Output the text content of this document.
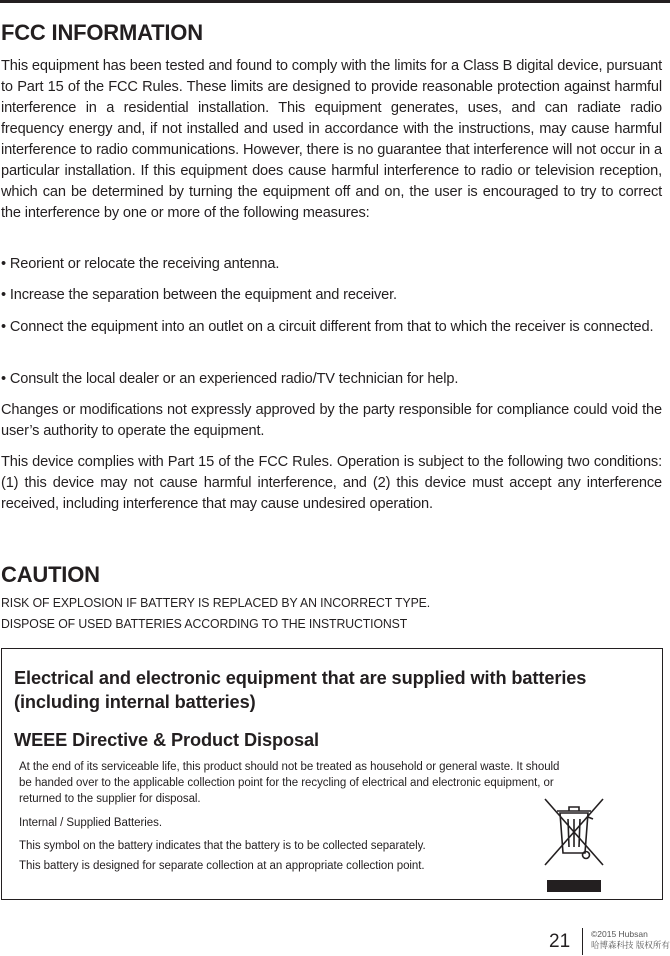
FCC INFORMATION

This equipment has been tested and found to comply with the limits for a Class B digital device, pursuant to Part 15 of the FCC Rules. These limits are designed to provide reasonable protection against harmful interference in a residential installation. This equipment generates, uses, and can radiate radio frequency energy and, if not installed and used in accordance with the instructions, may cause harmful interference to radio communications. However, there is no guarantee that interference will not occur in a particular installation. If this equipment does cause harmful interference to radio or television reception, which can be determined by turning the equipment off and on, the user is encouraged to try to correct the interference by one or more of the following measures:

• Reorient or relocate the receiving antenna.

• Increase the separation between the equipment and receiver.

• Connect the equipment into an outlet on a circuit different from that to which the receiver is connected.

• Consult the local dealer or an experienced radio/TV technician for help.

Changes or modifications not expressly approved by the party responsible for compliance could void the user’s authority to operate the equipment.

This device complies with Part 15 of the FCC Rules. Operation is subject to the following two conditions: (1) this device may not cause harmful interference, and (2) this device must accept any interference received, including interference that may cause undesired operation.

CAUTION
RISK OF EXPLOSION IF BATTERY IS REPLACED BY AN INCORRECT TYPE.
DISPOSE OF USED BATTERIES ACCORDING TO THE INSTRUCTIONST
Electrical and electronic equipment that are supplied with batteries
(including internal batteries)
WEEE Directive & Product Disposal
At the end of its serviceable life, this product should not be treated as household or general waste. It should
be handed over to the applicable collection point for the recycling of electrical and electronic equipment, or
returned to the supplier for disposal.
Internal / Supplied Batteries.
This symbol on the battery indicates that the battery is to be collected separately.
This battery is designed for separate collection at an appropriate collection point.
21 ©2015 Hubsan
哈博森科技 版权所有
